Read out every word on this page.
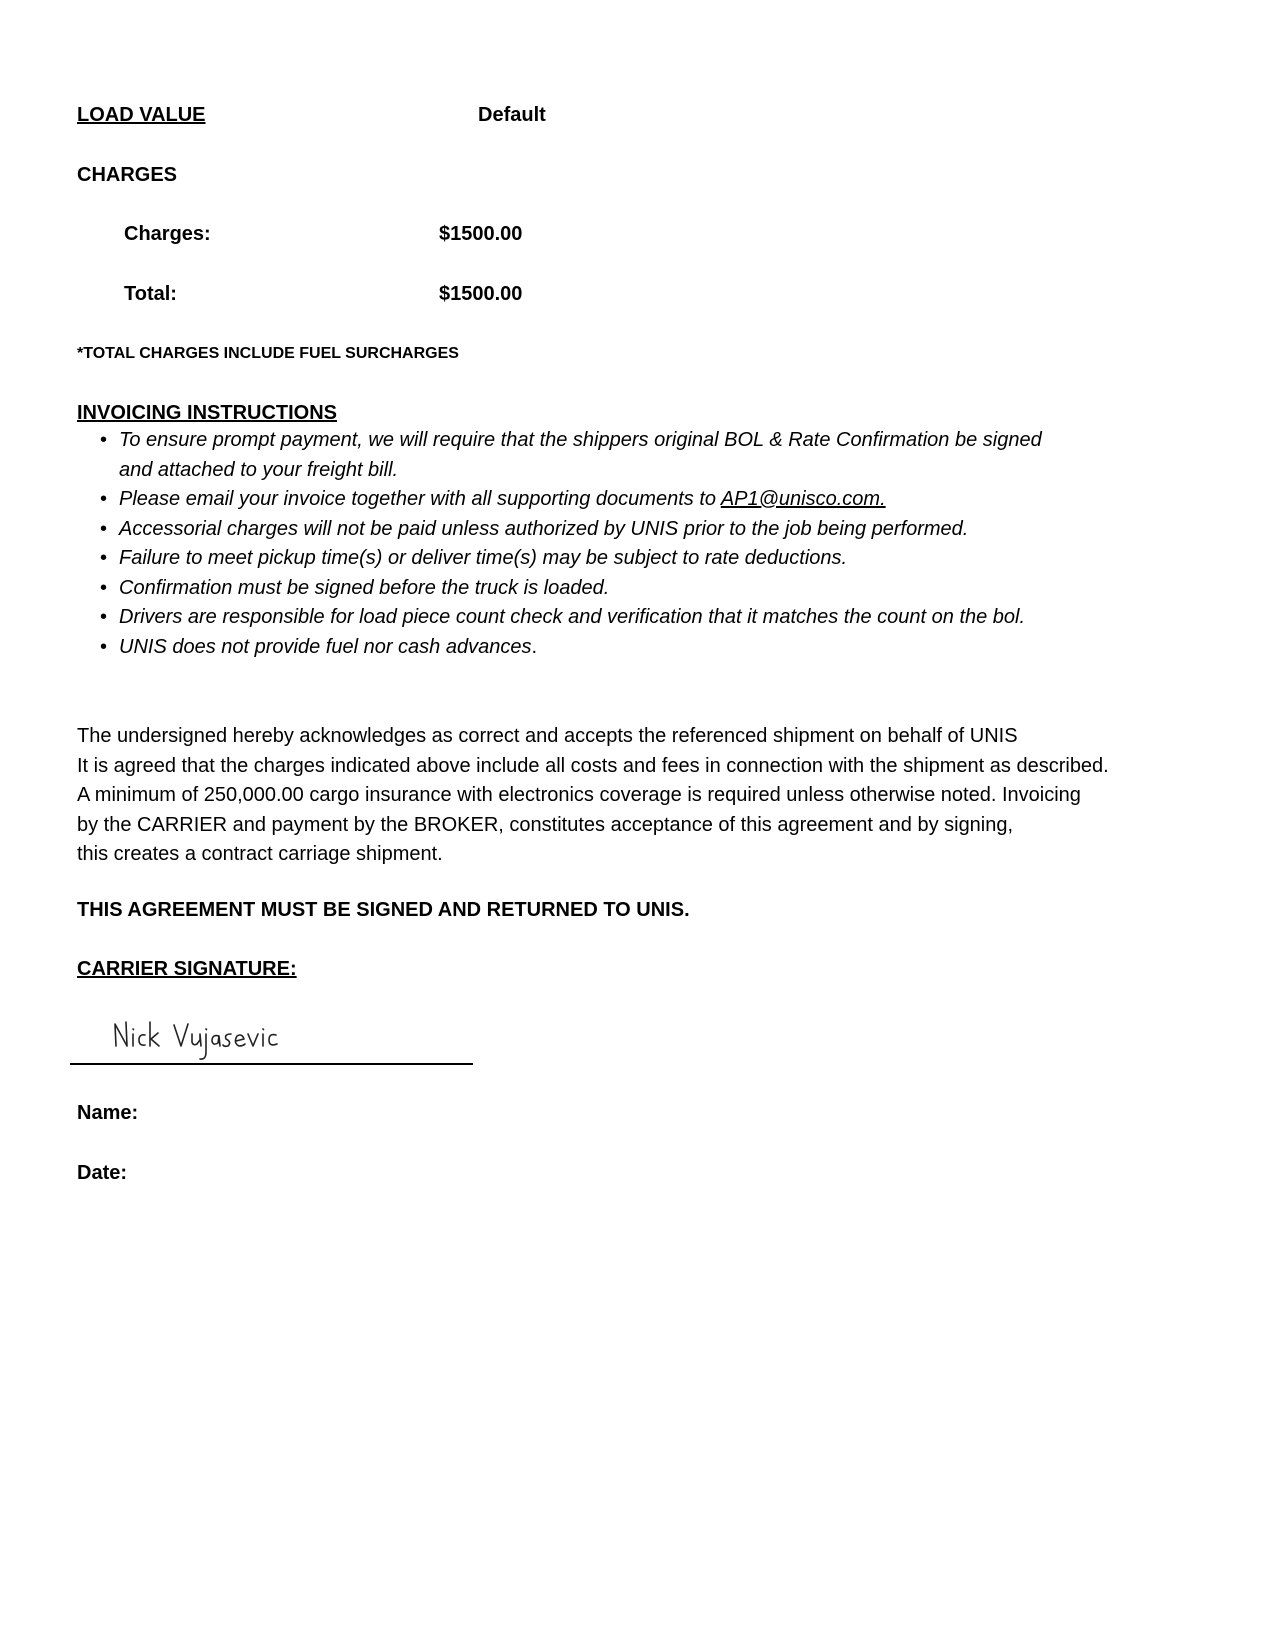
LOAD VALUE	Default
CHARGES
Charges:	$1500.00
Total:	$1500.00
*TOTAL CHARGES INCLUDE FUEL SURCHARGES
INVOICING INSTRUCTIONS
• To ensure prompt payment, we will require that the shippers original BOL & Rate Confirmation be signed
and attached to your freight bill.
• Please email your invoice together with all supporting documents to AP1@unisco.com.
• Accessorial charges will not be paid unless authorized by UNIS prior to the job being performed.
• Failure to meet pickup time(s) or deliver time(s) may be subject to rate deductions.
• Confirmation must be signed before the truck is loaded.
• Drivers are responsible for load piece count check and verification that it matches the count on the bol.
• UNIS does not provide fuel nor cash advances.
The undersigned hereby acknowledges as correct and accepts the referenced shipment on behalf of UNIS
It is agreed that the charges indicated above include all costs and fees in connection with the shipment as described.
A minimum of 250,000.00 cargo insurance with electronics coverage is required unless otherwise noted. Invoicing
by the CARRIER and payment by the BROKER, constitutes acceptance of this agreement and by signing,
this creates a contract carriage shipment.
THIS AGREEMENT MUST BE SIGNED AND RETURNED TO UNIS.
CARRIER SIGNATURE:
Name:
Date:
